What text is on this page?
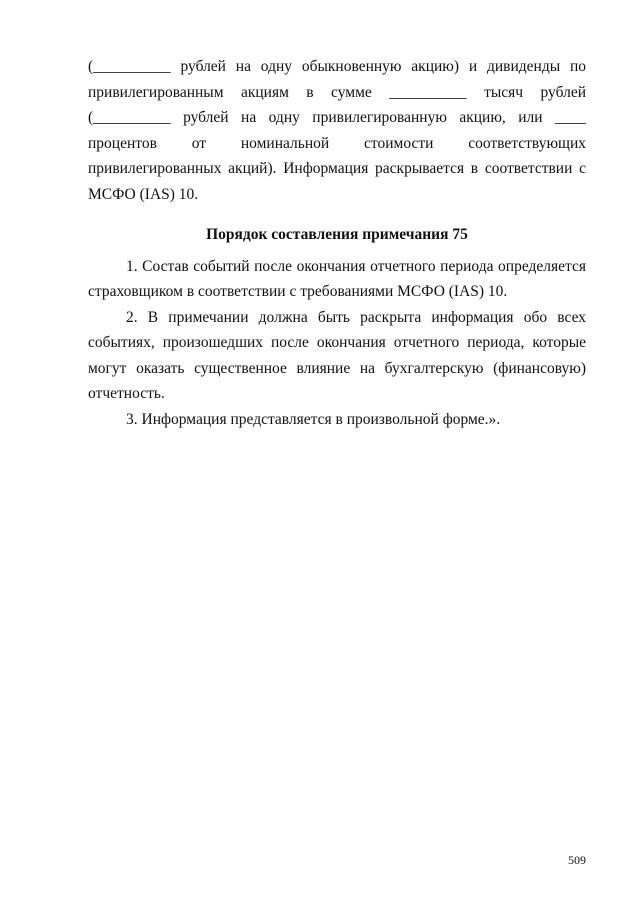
(__________ рублей на одну обыкновенную акцию) и дивиденды по привилегированным акциям в сумме __________ тысяч рублей (__________ рублей на одну привилегированную акцию, или ____ процентов от номинальной стоимости соответствующих привилегированных акций). Информация раскрывается в соответствии с МСФО (IAS) 10.

Порядок составления примечания 75

1. Состав событий после окончания отчетного периода определяется страховщиком в соответствии с требованиями МСФО (IAS) 10.

2. В примечании должна быть раскрыта информация обо всех событиях, произошедших после окончания отчетного периода, которые могут оказать существенное влияние на бухгалтерскую (финансовую) отчетность.

3. Информация представляется в произвольной форме.».

509
